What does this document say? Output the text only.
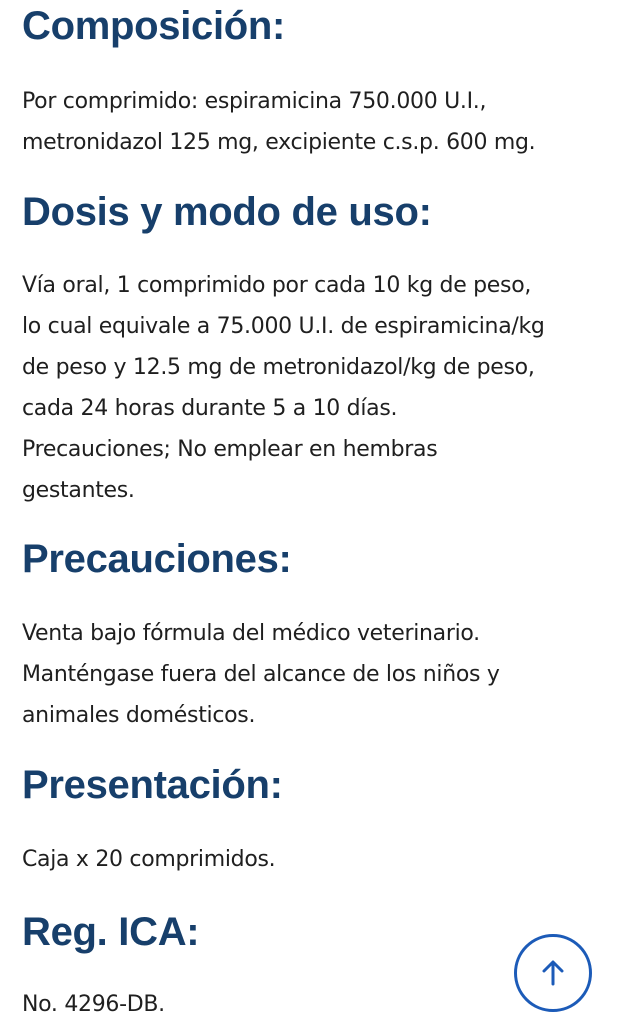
Composición:

Por comprimido: espiramicina 750.000 U.I.,
metronidazol 125 mg, excipiente c.s.p. 600 mg.

Dosis y modo de uso:

Vía oral, 1 comprimido por cada 10 kg de peso,
lo cual equivale a 75.000 U.I. de espiramicina/kg
de peso y 12.5 mg de metronidazol/kg de peso,
cada 24 horas durante 5 a 10 días.
Precauciones; No emplear en hembras
gestantes.

Precauciones:

Venta bajo fórmula del médico veterinario.
Manténgase fuera del alcance de los niños y
animales domésticos.

Presentación:

Caja x 20 comprimidos.

Reg. ICA:

No. 4296-DB.
